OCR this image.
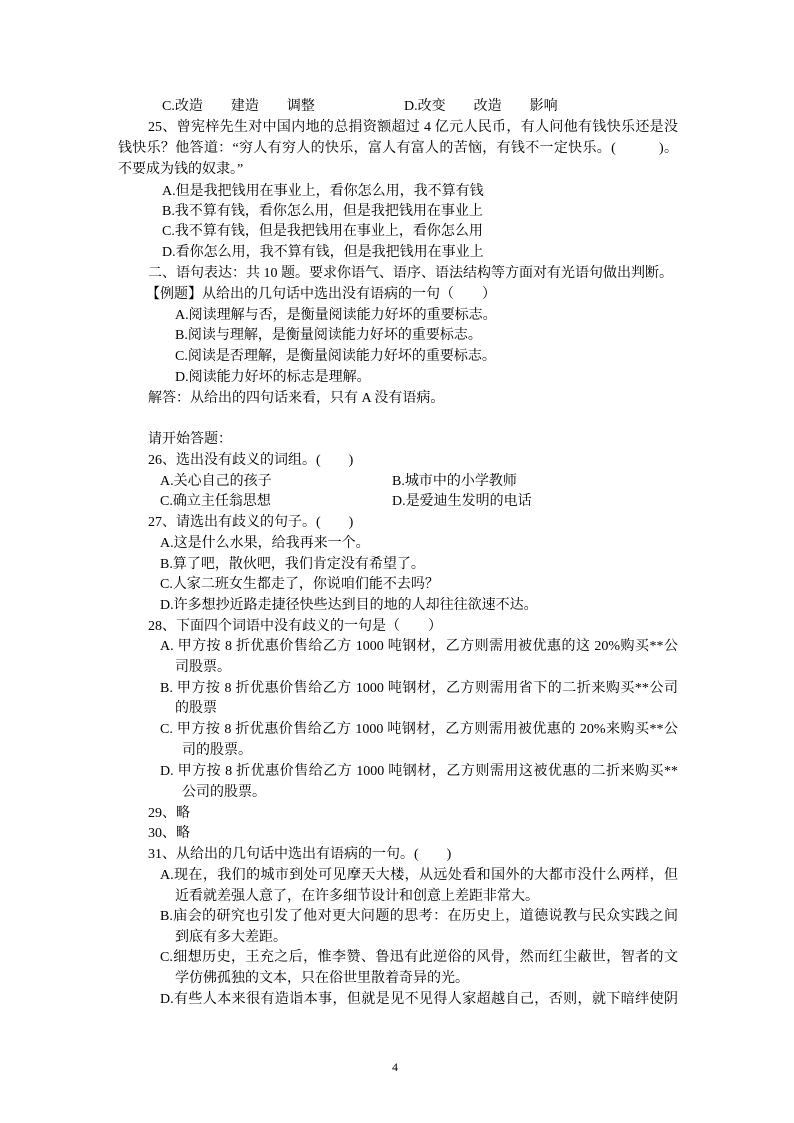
C.改造　　建造　　调整	D.改变　　改造　　影响
25、曾宪梓先生对中国内地的总捐资额超过 4 亿元人民币，有人问他有钱快乐还是没
钱快乐？他答道：“穷人有穷人的快乐，富人有富人的苦恼，有钱不一定快乐。(　　　)。
不要成为钱的奴隶。”
A.但是我把钱用在事业上，看你怎么用，我不算有钱
B.我不算有钱，看你怎么用，但是我把钱用在事业上
C.我不算有钱，但是我把钱用在事业上，看你怎么用
D.看你怎么用，我不算有钱，但是我把钱用在事业上
二、语句表达：共 10 题。要求你语气、语序、语法结构等方面对有光语句做出判断。
【例题】从给出的几句话中选出没有语病的一句（　　）
A.阅读理解与否，是衡量阅读能力好坏的重要标志。
B.阅读与理解，是衡量阅读能力好坏的重要标志。
C.阅读是否理解，是衡量阅读能力好坏的重要标志。
D.阅读能力好坏的标志是理解。
解答：从给出的四句话来看，只有 A 没有语病。
请开始答题：
26、选出没有歧义的词组。(　　)
A.关心自己的孩子	B.城市中的小学教师
C.确立主任翁思想	D.是爱迪生发明的电话
27、请选出有歧义的句子。(　　)
A.这是什么水果，给我再来一个。
B.算了吧，散伙吧，我们肯定没有希望了。
C.人家二班女生都走了，你说咱们能不去吗？
D.许多想抄近路走捷径快些达到目的地的人却往往欲速不达。
28、下面四个词语中没有歧义的一句是（　　）
A. 甲方按 8 折优惠价售给乙方 1000 吨钢材，乙方则需用被优惠的这 20%购买**公
司股票。
B. 甲方按 8 折优惠价售给乙方 1000 吨钢材，乙方则需用省下的二折来购买**公司
的股票
C. 甲方按 8 折优惠价售给乙方 1000 吨钢材，乙方则需用被优惠的 20%来购买**公
司的股票。
D. 甲方按 8 折优惠价售给乙方 1000 吨钢材，乙方则需用这被优惠的二折来购买**
公司的股票。
29、略
30、略
31、从给出的几句话中选出有语病的一句。(　　)
A.现在，我们的城市到处可见摩天大楼，从远处看和国外的大都市没什么两样，但
近看就差强人意了，在许多细节设计和创意上差距非常大。
B.庙会的研究也引发了他对更大问题的思考：在历史上，道德说教与民众实践之间
到底有多大差距。
C.细想历史，王充之后，惟李赞、鲁迅有此逆俗的风骨，然而红尘蔽世，智者的文
学仿佛孤独的文本，只在俗世里散着奇异的光。
D.有些人本来很有造诣本事，但就是见不见得人家超越自己，否则，就下暗绊使阴
4
